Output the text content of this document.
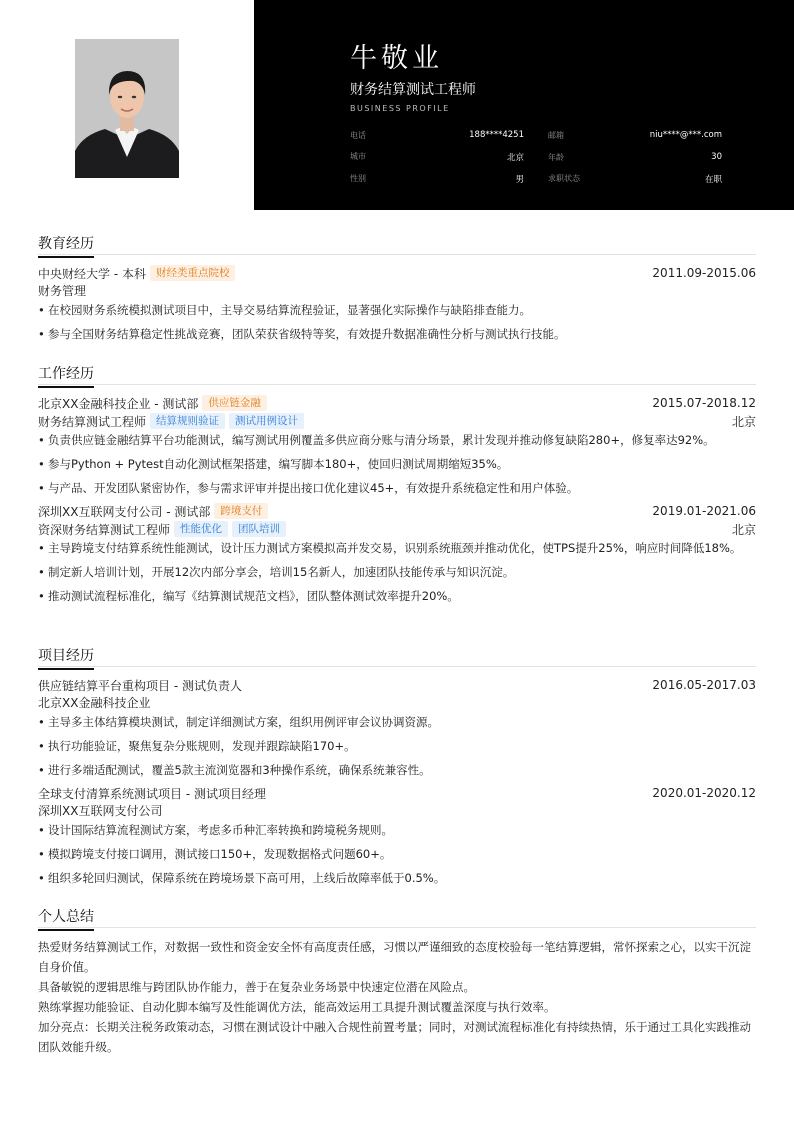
牛敬业
财务结算测试工程师
BUSINESS PROFILE
电话	188****4251	邮箱	niu****@***.com
城市	北京	年龄	30
性别	男	求职状态	在职
教育经历
中央财经大学 - 本科 财经类重点院校	2011.09-2015.06
财务管理
• 在校园财务系统模拟测试项目中，主导交易结算流程验证，显著强化实际操作与缺陷排查能力。
• 参与全国财务结算稳定性挑战竞赛，团队荣获省级特等奖，有效提升数据准确性分析与测试执行技能。
工作经历
北京XX金融科技企业 - 测试部 供应链金融	2015.07-2018.12
财务结算测试工程师 结算规则验证	测试用例设计	北京
• 负责供应链金融结算平台功能测试，编写测试用例覆盖多供应商分账与清分场景，累计发现并推动修复缺陷280+，修复率达92%。
• 参与Python + Pytest自动化测试框架搭建，编写脚本180+，使回归测试周期缩短35%。
• 与产品、开发团队紧密协作，参与需求评审并提出接口优化建议45+，有效提升系统稳定性和用户体验。
深圳XX互联网支付公司 - 测试部 跨境支付	2019.01-2021.06
资深财务结算测试工程师 性能优化	团队培训	北京
• 主导跨境支付结算系统性能测试，设计压力测试方案模拟高并发交易，识别系统瓶颈并推动优化，使TPS提升25%，响应时间降低18%。
• 制定新人培训计划，开展12次内部分享会，培训15名新人，加速团队技能传承与知识沉淀。
• 推动测试流程标准化，编写《结算测试规范文档》，团队整体测试效率提升20%。
项目经历
供应链结算平台重构项目 - 测试负责人	2016.05-2017.03
北京XX金融科技企业
• 主导多主体结算模块测试，制定详细测试方案，组织用例评审会议协调资源。
• 执行功能验证，聚焦复杂分账规则，发现并跟踪缺陷170+。
• 进行多端适配测试，覆盖5款主流浏览器和3种操作系统，确保系统兼容性。
全球支付清算系统测试项目 - 测试项目经理	2020.01-2020.12
深圳XX互联网支付公司
• 设计国际结算流程测试方案，考虑多币种汇率转换和跨境税务规则。
• 模拟跨境支付接口调用，测试接口150+，发现数据格式问题60+。
• 组织多轮回归测试，保障系统在跨境场景下高可用，上线后故障率低于0.5%。
个人总结
热爱财务结算测试工作，对数据一致性和资金安全怀有高度责任感，习惯以严谨细致的态度校验每一笔结算逻辑，常怀探索之心，以实干沉淀自身价值。
具备敏锐的逻辑思维与跨团队协作能力，善于在复杂业务场景中快速定位潜在风险点。
熟练掌握功能验证、自动化脚本编写及性能调优方法，能高效运用工具提升测试覆盖深度与执行效率。
加分亮点：长期关注税务政策动态，习惯在测试设计中融入合规性前置考量；同时，对测试流程标准化有持续热情，乐于通过工具化实践推动团队效能升级。
